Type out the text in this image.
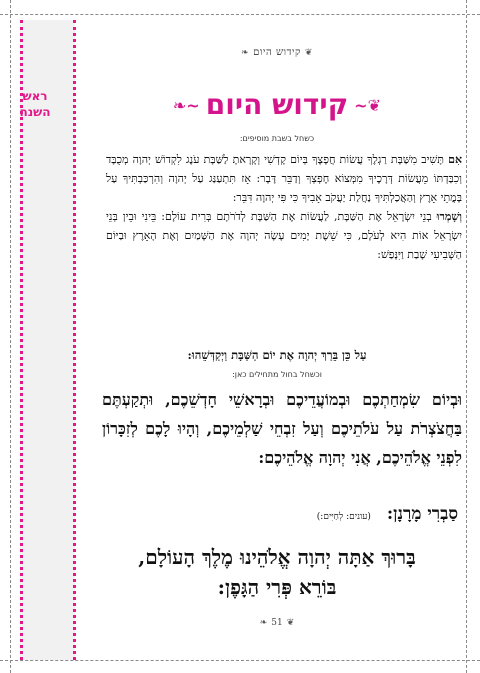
ראש
השנה
❦קידוש היום❧
❦∽קידוש היום∽❧
כשחל בשבת מוסיפים:

אִם תָּשִׁיב מִשַּׁבָּת רַגְלֶךָ עֲשׂוֹת חֲפָצֶךָ בְּיוֹם קָדְשִׁי וְקָרָאתָ לַשַּׁבָּת עֹנֶג לִקְדוֹשׁ יְהוָה מְכֻבָּד וְכִבַּדְתּוֹ מֵעֲשׂוֹת דְּרָכֶיךָ מִמְּצוֹא חֶפְצְךָ וְדַבֵּר דָּבָר: אָז תִּתְעַנַּג עַל יְהוָה וְהִרְכַּבְתִּיךָ עַל בָּמֳתֵי אָרֶץ וְהַאֲכַלְתִּיךָ נַחֲלַת יַעֲקֹב אָבִיךָ כִּי פִּי יְהוָה דִּבֵּר:

וְשָׁמְרוּ בְנֵי יִשְׂרָאֵל אֶת הַשַּׁבָּת, לַעֲשׂוֹת אֶת הַשַּׁבָּת לְדֹרֹתָם בְּרִית עוֹלָם: בֵּינִי וּבֵין בְּנֵי יִשְׂרָאֵל אוֹת הִיא לְעֹלָם, כִּי שֵׁשֶׁת יָמִים עָשָׂה יְהוָה אֶת הַשָּׁמַיִם וְאֶת הָאָרֶץ וּבַיּוֹם הַשְּׁבִיעִי שָׁבַת וַיִּנָּפַשׁ:

עַל כֵּן בֵּרַךְ יְהוָה אֶת יוֹם הַשַּׁבָּת וַיְקַדְּשֵׁהוּ:
וכשחל בחול מתחילים כאן:
וּבְיוֹם שִׂמְחַתְכֶם וּבְמוֹעֲדֵיכֶם וּבְרָאשֵׁי חָדְשֵׁכֶם, וּתְקַעְתֶּם בַּחֲצֹצְרֹת עַל עֹלֹתֵיכֶם וְעַל זִבְחֵי שַׁלְמֵיכֶם, וְהָיוּ לָכֶם לְזִכָּרוֹן לִפְנֵי אֱלֹהֵיכֶם, אֲנִי יְהוָה אֱלֹהֵיכֶם:
סַבְרִי מָרָנָן: (עונים: לְחַיִּים:)
בָּרוּךְ אַתָּה יְהוָה אֱלֹהֵינוּ מֶלֶךְ הָעוֹלָם,
בּוֹרֵא פְּרִי הַגָּפֶן:
❦51❧
